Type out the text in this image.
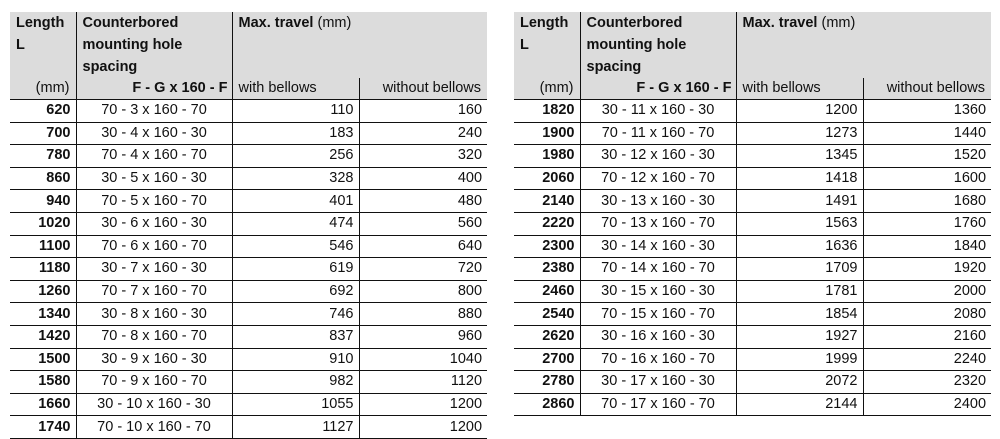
Length
L	Counterbored mounting hole spacing	Max. travel (mm)	
(mm)	F - G x 160 - F	with bellows	without bellows
620	70 - 3 x 160 - 70	110	160
700	30 - 4 x 160 - 30	183	240
780	70 - 4 x 160 - 70	256	320
860	30 - 5 x 160 - 30	328	400
940	70 - 5 x 160 - 70	401	480
1020	30 - 6 x 160 - 30	474	560
1100	70 - 6 x 160 - 70	546	640
1180	30 - 7 x 160 - 30	619	720
1260	70 - 7 x 160 - 70	692	800
1340	30 - 8 x 160 - 30	746	880
1420	70 - 8 x 160 - 70	837	960
1500	30 - 9 x 160 - 30	910	1040
1580	70 - 9 x 160 - 70	982	1120
1660	30 - 10 x 160 - 30	1055	1200
1740	70 - 10 x 160 - 70	1127	1200
Length
L	Counterbored mounting hole spacing	Max. travel (mm)	
(mm)	F - G x 160 - F	with bellows	without bellows
1820	30 - 11 x 160 - 30	1200	1360
1900	70 - 11 x 160 - 70	1273	1440
1980	30 - 12 x 160 - 30	1345	1520
2060	70 - 12 x 160 - 70	1418	1600
2140	30 - 13 x 160 - 30	1491	1680
2220	70 - 13 x 160 - 70	1563	1760
2300	30 - 14 x 160 - 30	1636	1840
2380	70 - 14 x 160 - 70	1709	1920
2460	30 - 15 x 160 - 30	1781	2000
2540	70 - 15 x 160 - 70	1854	2080
2620	30 - 16 x 160 - 30	1927	2160
2700	70 - 16 x 160 - 70	1999	2240
2780	30 - 17 x 160 - 30	2072	2320
2860	70 - 17 x 160 - 70	2144	2400
